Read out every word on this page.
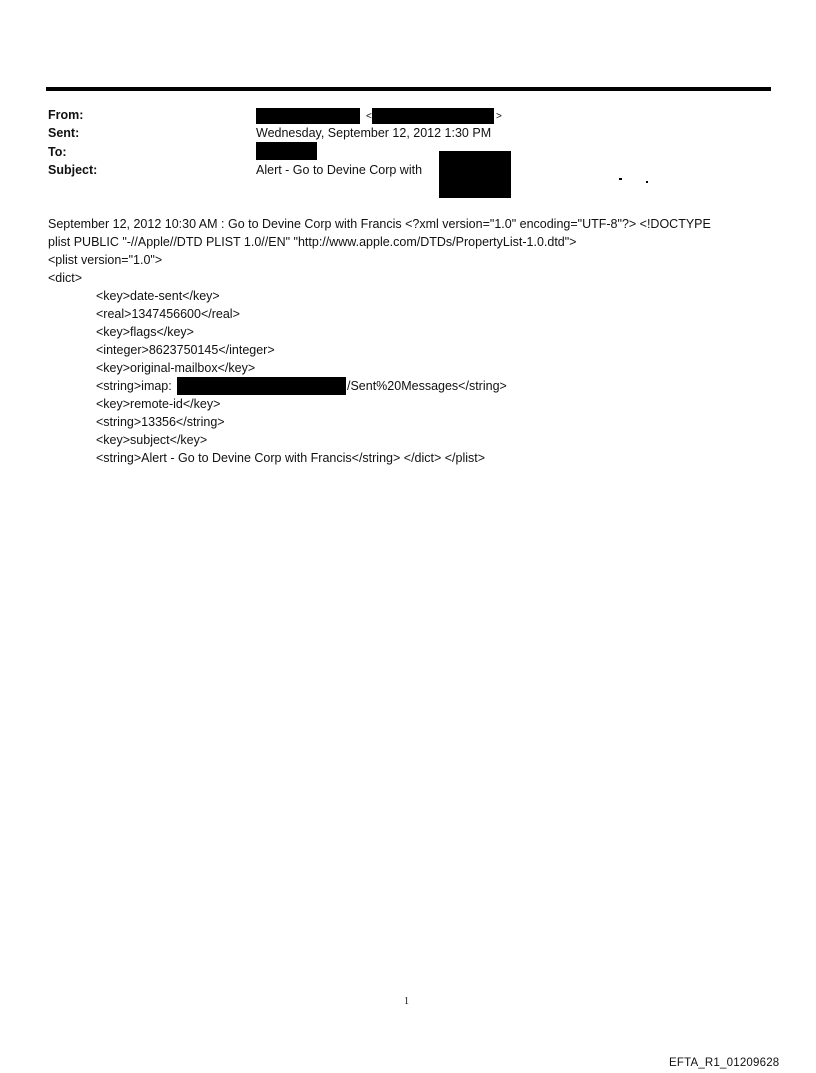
From:
Sent:
To:
Subject:
<	>
Wednesday, September 12, 2012 1:30 PM
Alert - Go to Devine Corp with
September 12, 2012 10:30 AM : Go to Devine Corp with Francis <?xml version="1.0" encoding="UTF-8"?> <!DOCTYPE
plist PUBLIC "-//Apple//DTD PLIST 1.0//EN" "http://www.apple.com/DTDs/PropertyList-1.0.dtd">
<plist version="1.0">
<dict>
<key>date-sent</key>
<real>1347456600</real>
<key>flags</key>
<integer>8623750145</integer>
<key>original-mailbox</key>
<string>imap:	/Sent%20Messages</string>
<key>remote-id</key>
<string>13356</string>
<key>subject</key>
<string>Alert - Go to Devine Corp with Francis</string> </dict> </plist>
1
EFTA_R1_01209628
